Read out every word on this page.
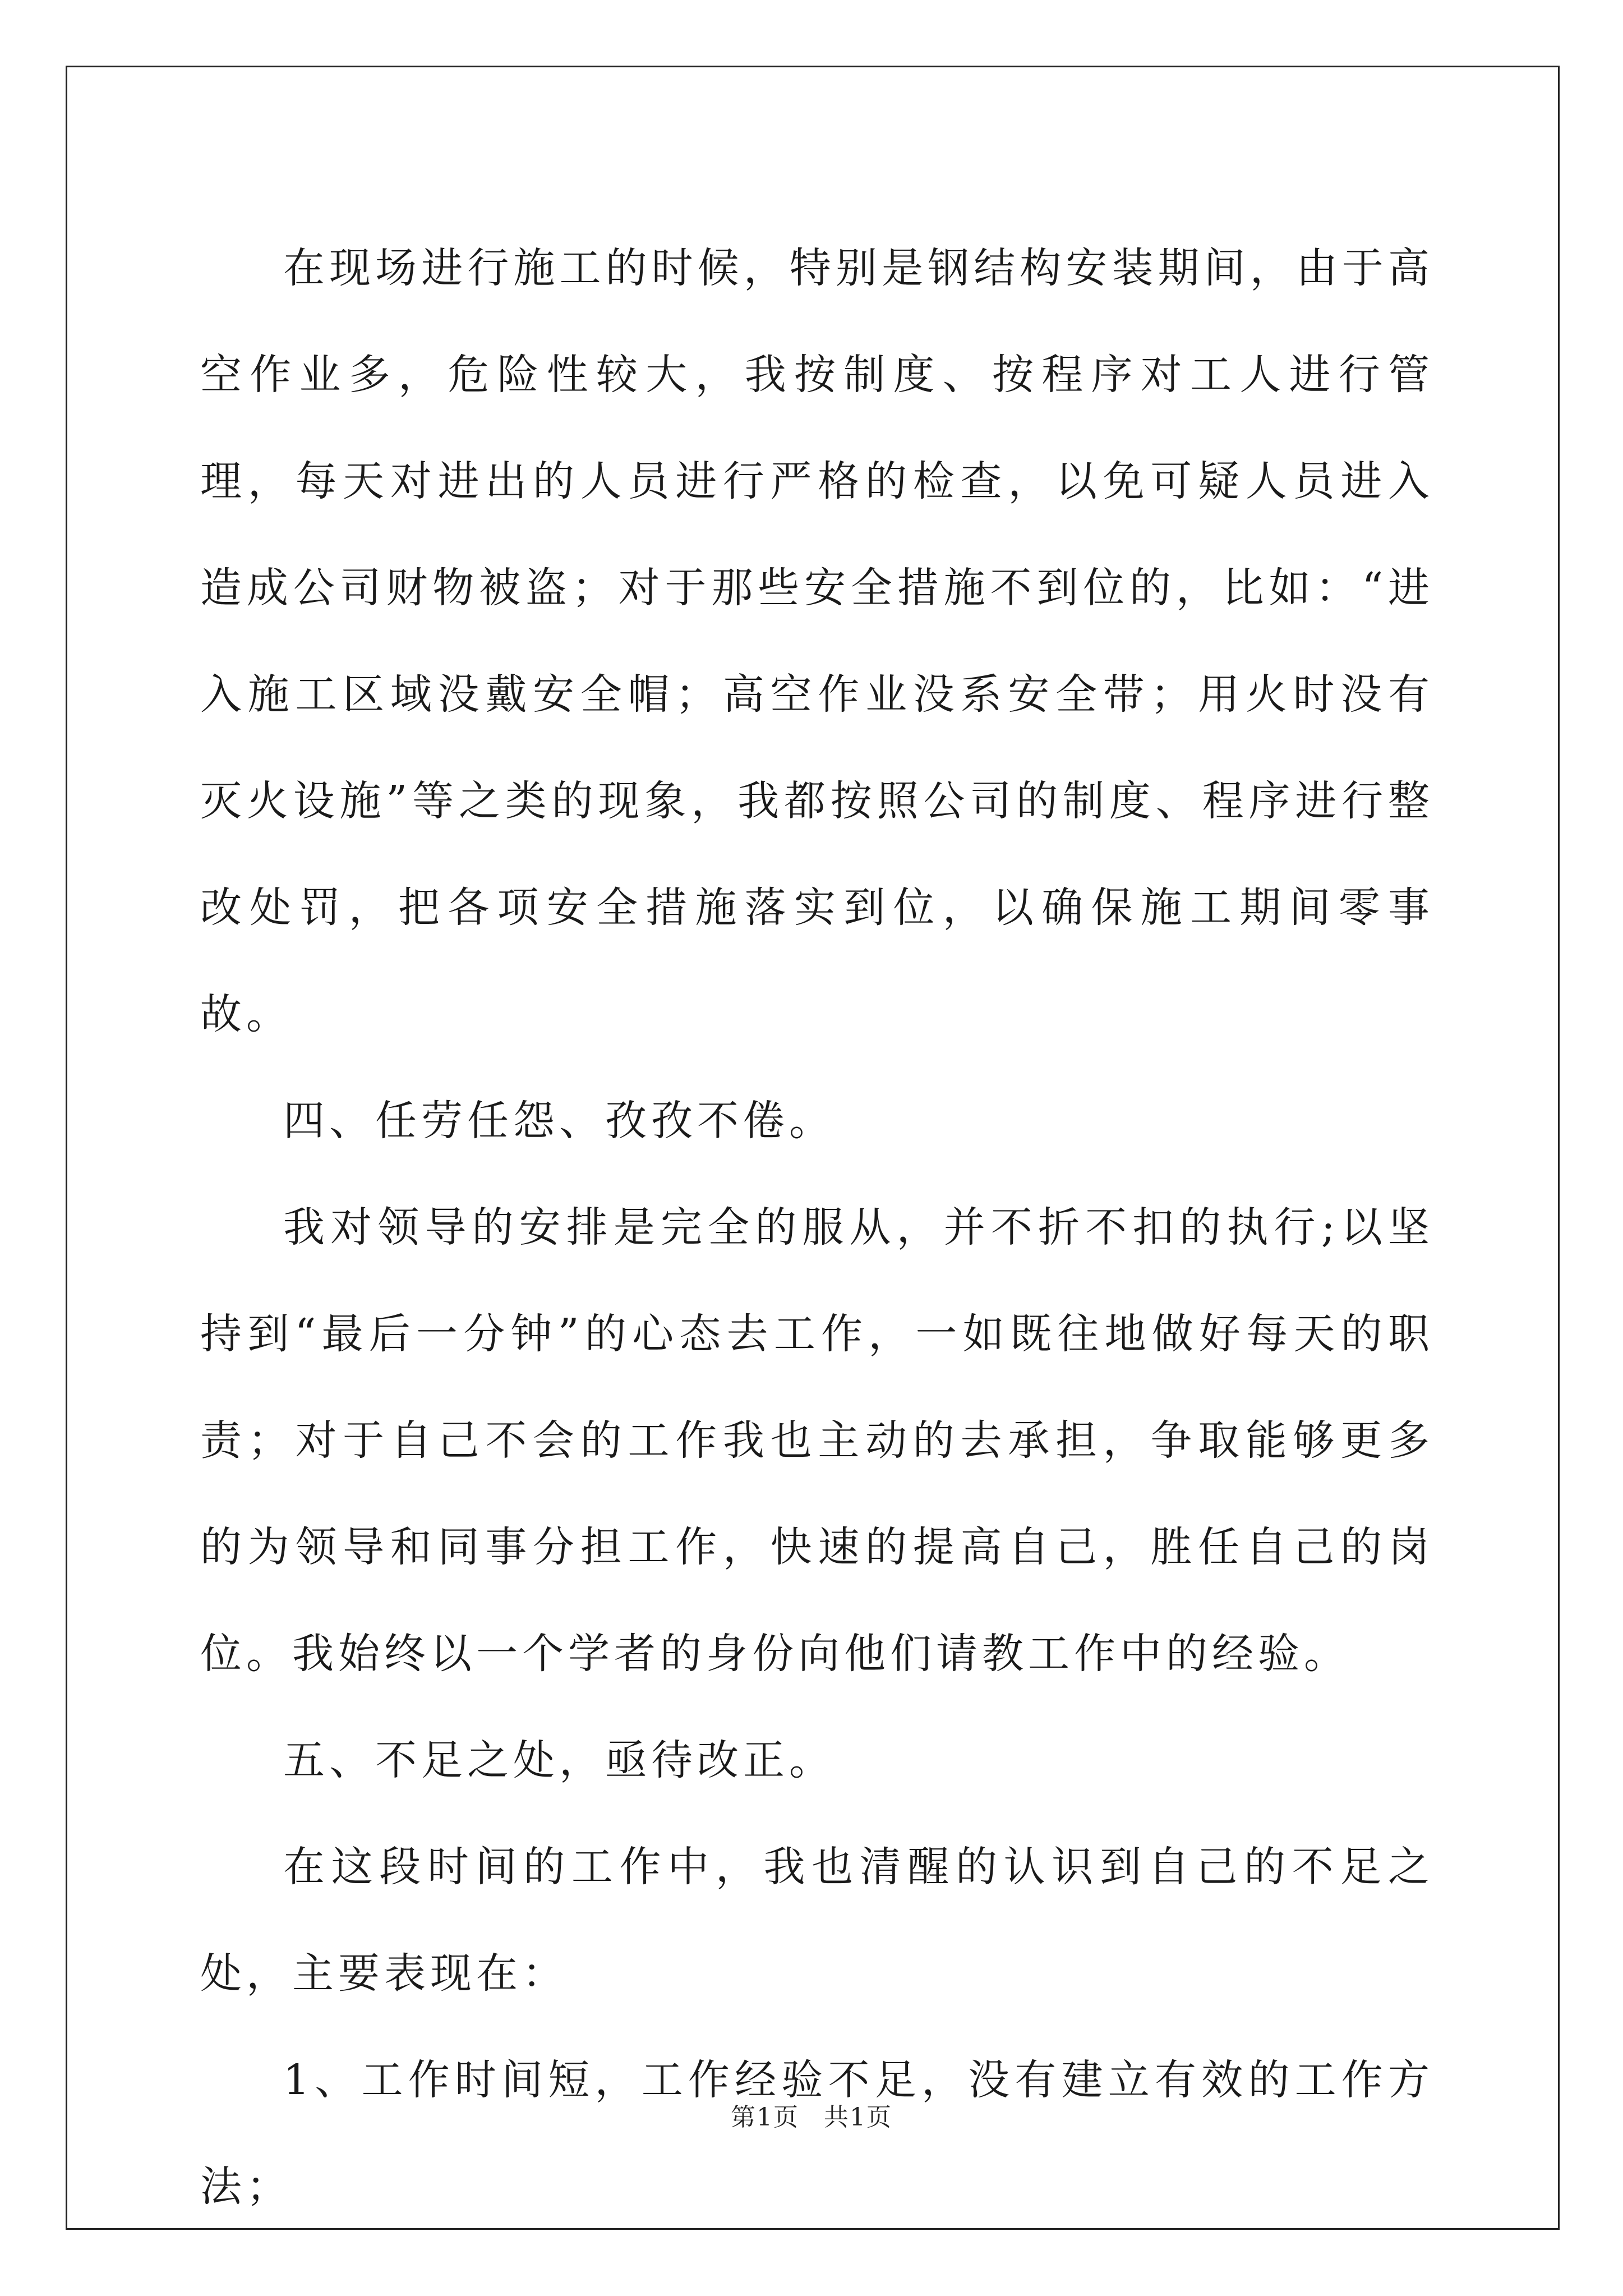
在现场进行施工的时候，特别是钢结构安装期间，由于高空作业多，危险性较大，我按制度、按程序对工人进行管理，每天对进出的人员进行严格的检查，以免可疑人员进入造成公司财物被盗；对于那些安全措施不到位的，比如：“进入施工区域没戴安全帽；高空作业没系安全带；用火时没有灭火设施”等之类的现象，我都按照公司的制度、程序进行整改处罚，把各项安全措施落实到位，以确保施工期间零事故。

四、任劳任怨、孜孜不倦。

我对领导的安排是完全的服从，并不折不扣的执行;以坚持到“最后一分钟”的心态去工作，一如既往地做好每天的职责；对于自己不会的工作我也主动的去承担，争取能够更多的为领导和同事分担工作，快速的提高自己，胜任自己的岗位。我始终以一个学者的身份向他们请教工作中的经验。

五、不足之处，亟待改正。

在这段时间的工作中，我也清醒的认识到自己的不足之处，主要表现在：

1、工作时间短，工作经验不足，没有建立有效的工作方法；

第1页 共1页
